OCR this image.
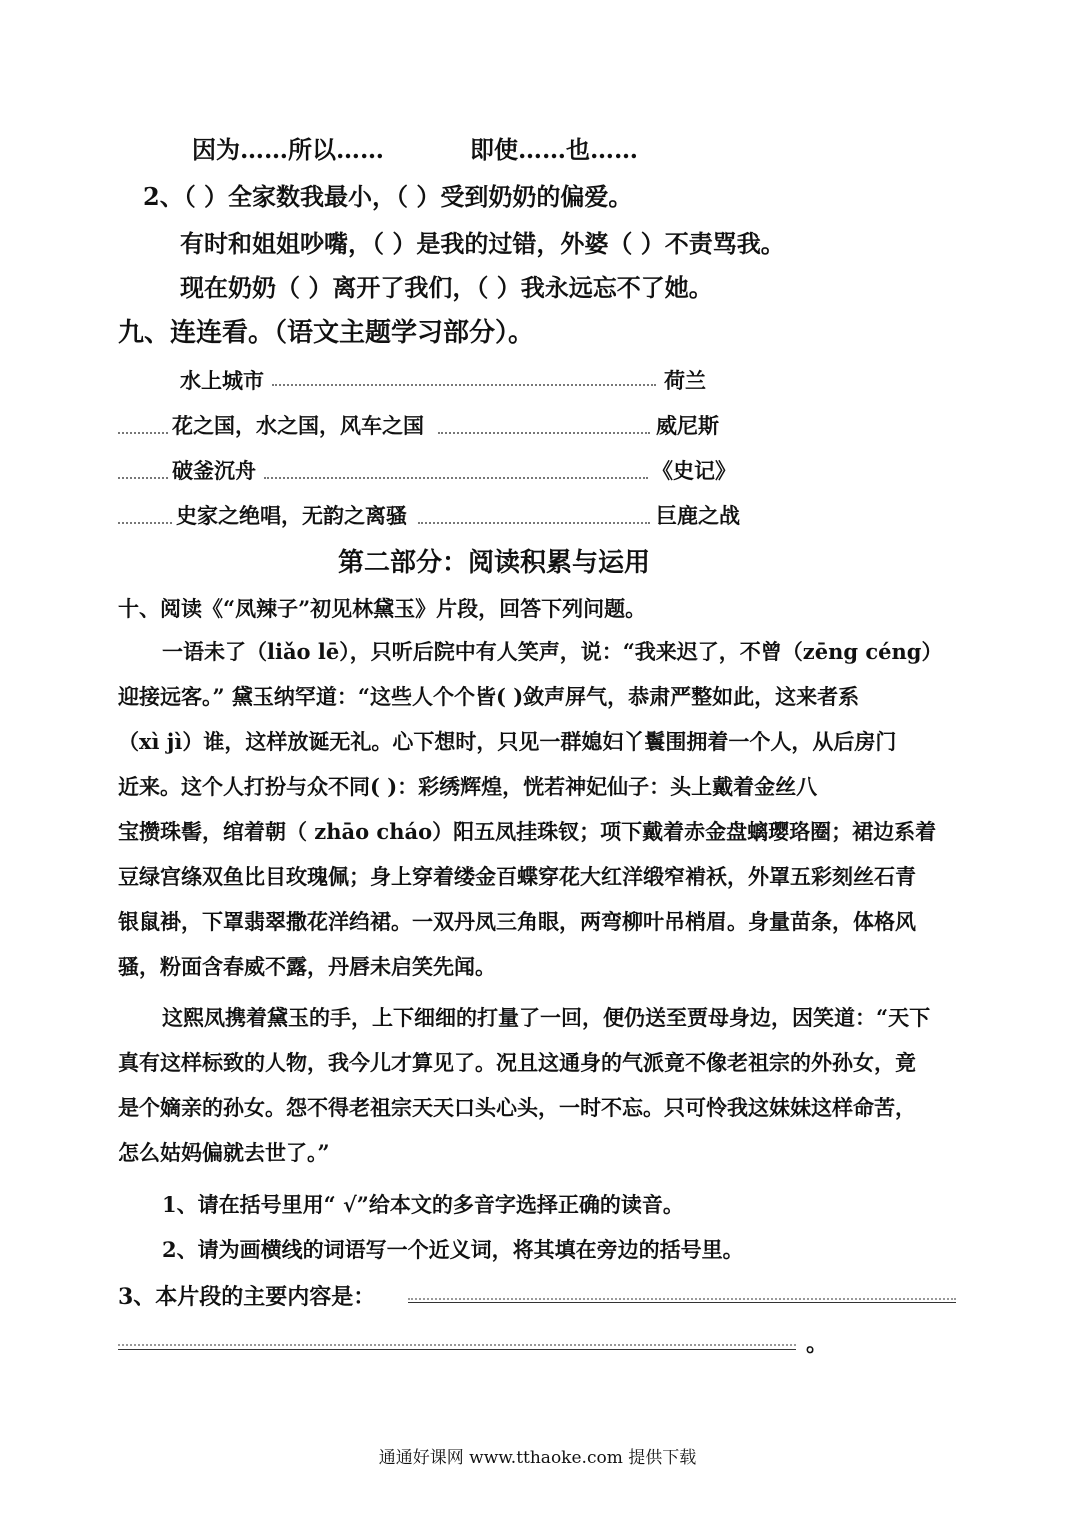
因为……所以……	即使……也……
2、（ ）全家数我最小，（ ）受到奶奶的偏爱。
有时和姐姐吵嘴，（ ）是我的过错，外婆（ ）不责骂我。
现在奶奶（ ）离开了我们，（ ）我永远忘不了她。
九、连连看。（语文主题学习部分）。
水上城市	荷兰
花之国，水之国，风车之国	威尼斯
破釜沉舟	《史记》
史家之绝唱，无韵之离骚	巨鹿之战
第二部分：阅读积累与运用
十、阅读《“凤辣子”初见林黛玉》片段，回答下列问题。
一语未了（liǎo lē），只听后院中有人笑声，说：“我来迟了，不曾（zēng céng）
迎接远客。” 黛玉纳罕道：“这些人个个皆( )敛声屏气，恭肃严整如此，这来者系
（xì jì）谁，这样放诞无礼。心下想时，只见一群媳妇丫鬟围拥着一个人，从后房门
近来。这个人打扮与众不同( )：彩绣辉煌，恍若神妃仙子：头上戴着金丝八
宝攒珠髻，绾着朝（ zhāo cháo）阳五凤挂珠钗；项下戴着赤金盘螭璎珞圈；裙边系着
豆绿宫绦双鱼比目玫瑰佩；身上穿着缕金百蝶穿花大红洋缎窄褃袄，外罩五彩刻丝石青
银鼠褂，下罩翡翠撒花洋绉裙。一双丹凤三角眼，两弯柳叶吊梢眉。身量苗条，体格风
骚，粉面含春威不露，丹唇未启笑先闻。
这熙凤携着黛玉的手，上下细细的打量了一回，便仍送至贾母身边，因笑道：“天下
真有这样标致的人物，我今儿才算见了。况且这通身的气派竟不像老祖宗的外孙女，竟
是个嫡亲的孙女。怨不得老祖宗天天口头心头，一时不忘。只可怜我这妹妹这样命苦，
怎么姑妈偏就去世了。”
1、请在括号里用“ √”给本文的多音字选择正确的读音。
2、请为画横线的词语写一个近义词，将其填在旁边的括号里。
3、本片段的主要内容是：
。
通通好课网 www.tthaoke.com 提供下载
